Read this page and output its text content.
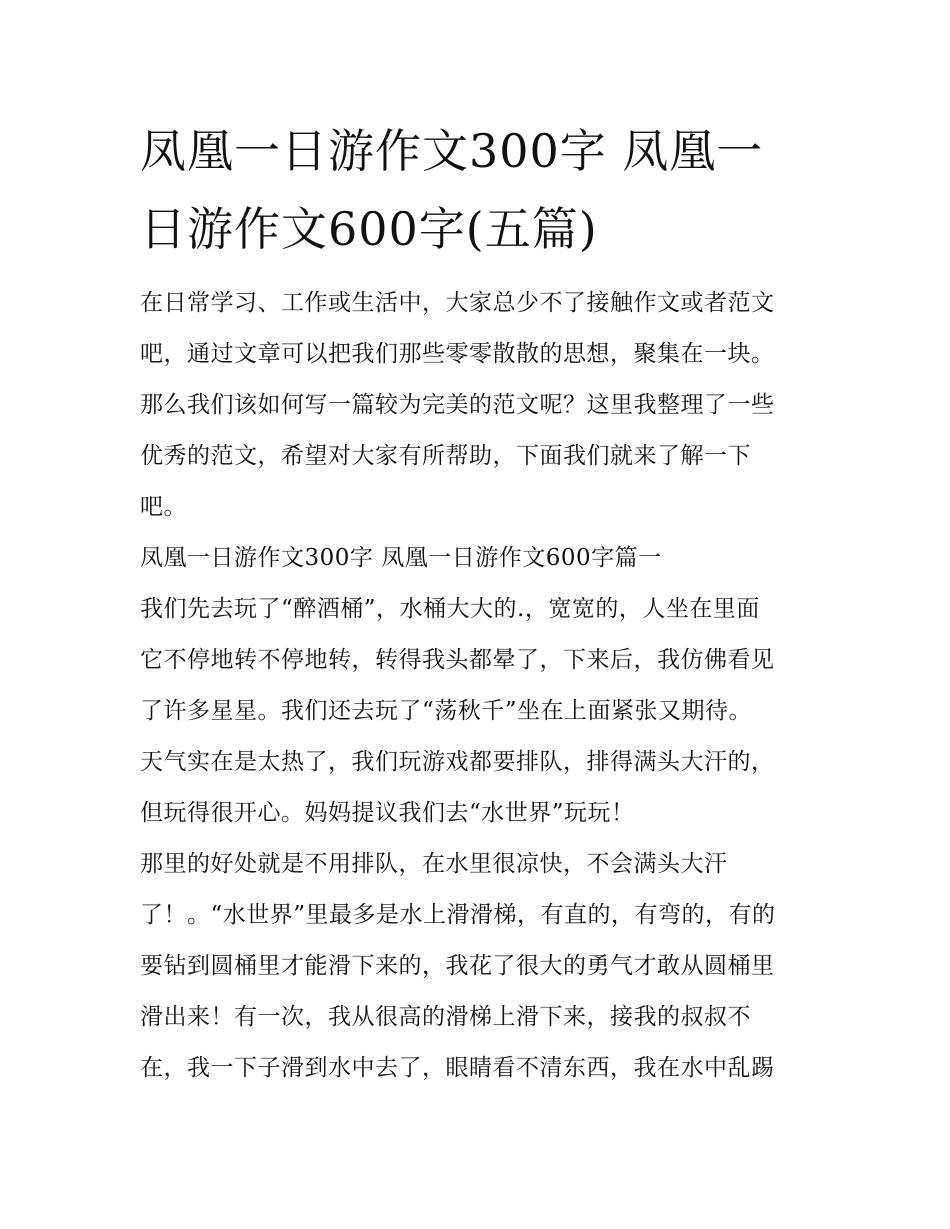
凤凰一日游作文300字 凤凰一
日游作文600字(五篇)

在日常学习、工作或生活中，大家总少不了接触作文或者范文
吧，通过文章可以把我们那些零零散散的思想，聚集在一块。
那么我们该如何写一篇较为完美的范文呢？这里我整理了一些
优秀的范文，希望对大家有所帮助，下面我们就来了解一下
吧。

凤凰一日游作文300字 凤凰一日游作文600字篇一

我们先去玩了“醉酒桶”，水桶大大的.，宽宽的，人坐在里面
它不停地转不停地转，转得我头都晕了，下来后，我仿佛看见
了许多星星。我们还去玩了“荡秋千”坐在上面紧张又期待。
天气实在是太热了，我们玩游戏都要排队，排得满头大汗的，
但玩得很开心。妈妈提议我们去“水世界”玩玩！
那里的好处就是不用排队，在水里很凉快，不会满头大汗
了！。“水世界”里最多是水上滑滑梯，有直的，有弯的，有的
要钻到圆桶里才能滑下来的，我花了很大的勇气才敢从圆桶里
滑出来！有一次，我从很高的滑梯上滑下来，接我的叔叔不
在，我一下子滑到水中去了，眼睛看不清东西，我在水中乱踢
